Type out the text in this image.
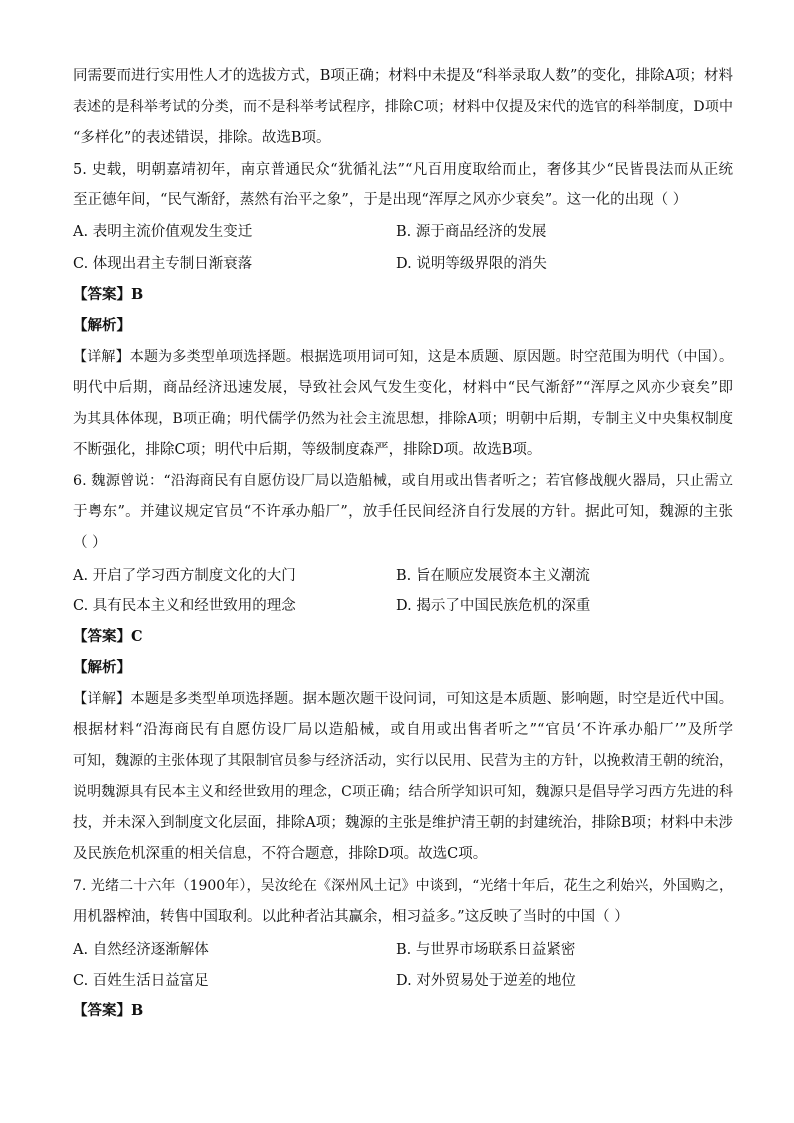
同需要而进行实用性人才的选拔方式，B项正确；材料中未提及“科举录取人数”的变化，排除A项；材料
表述的是科举考试的分类，而不是科举考试程序，排除C项；材料中仅提及宋代的选官的科举制度，D项中
“多样化”的表述错误，排除。故选B项。
5. 史载，明朝嘉靖初年，南京普通民众“犹循礼法”“凡百用度取给而止，奢侈其少“民皆畏法而从正统
至正德年间，“民气渐舒，蒸然有治平之象”，于是出现“浑厚之风亦少衰矣”。这一化的出现（ ）
A. 表明主流价值观发生变迁	B. 源于商品经济的发展
C. 体现出君主专制日渐衰落	D. 说明等级界限的消失
【答案】B
【解析】
【详解】本题为多类型单项选择题。根据选项用词可知，这是本质题、原因题。时空范围为明代（中国）。
明代中后期，商品经济迅速发展，导致社会风气发生变化，材料中“民气渐舒”“浑厚之风亦少衰矣”即
为其具体体现，B项正确；明代儒学仍然为社会主流思想，排除A项；明朝中后期，专制主义中央集权制度
不断强化，排除C项；明代中后期，等级制度森严，排除D项。故选B项。
6. 魏源曾说：“沿海商民有自愿仿设厂局以造船械，或自用或出售者听之；若官修战舰火器局，只止需立
于粤东”。并建议规定官员“不许承办船厂”，放手任民间经济自行发展的方针。据此可知，魏源的主张
（ ）
A. 开启了学习西方制度文化的大门	B. 旨在顺应发展资本主义潮流
C. 具有民本主义和经世致用的理念	D. 揭示了中国民族危机的深重
【答案】C
【解析】
【详解】本题是多类型单项选择题。据本题次题干设问词，可知这是本质题、影响题，时空是近代中国。
根据材料“沿海商民有自愿仿设厂局以造船械，或自用或出售者听之”“官员‘不许承办船厂’”及所学
可知，魏源的主张体现了其限制官员参与经济活动，实行以民用、民营为主的方针，以挽救清王朝的统治，
说明魏源具有民本主义和经世致用的理念，C项正确；结合所学知识可知，魏源只是倡导学习西方先进的科
技，并未深入到制度文化层面，排除A项；魏源的主张是维护清王朝的封建统治，排除B项；材料中未涉
及民族危机深重的相关信息，不符合题意，排除D项。故选C项。
7. 光绪二十六年（1900年），吴汝纶在《深州风土记》中谈到，“光绪十年后，花生之利始兴，外国购之，
用机器榨油，转售中国取利。以此种者沾其赢余，相习益多。”这反映了当时的中国（ ）
A. 自然经济逐渐解体	B. 与世界市场联系日益紧密
C. 百姓生活日益富足	D. 对外贸易处于逆差的地位
【答案】B
